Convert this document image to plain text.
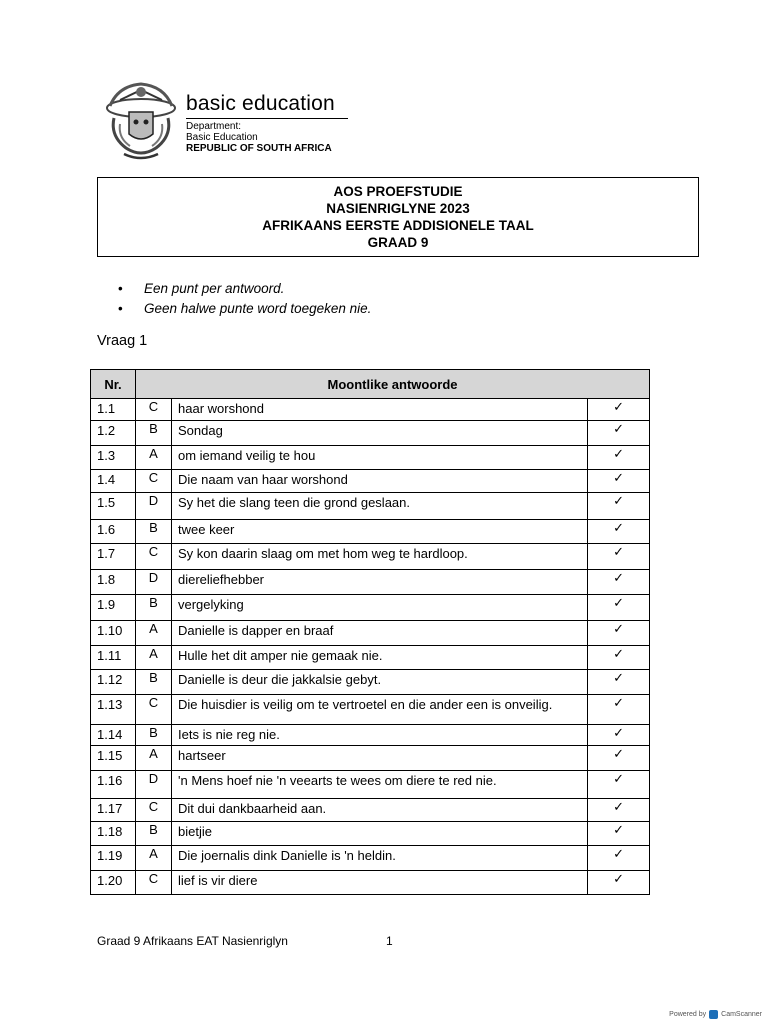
basic education
Department:
Basic Education
REPUBLIC OF SOUTH AFRICA
AOS PROEFSTUDIE
NASIENRIGLYNE 2023
AFRIKAANS EERSTE ADDISIONELE TAAL
GRAAD 9
•	Een punt per antwoord.
•	Geen halwe punte word toegeken nie.
Vraag 1
Nr.	Moontlike antwoorde		
1.1	C	haar worshond	✓
1.2	B	Sondag	✓
1.3	A	om iemand veilig te hou	✓
1.4	C	Die naam van haar worshond	✓
1.5	D	Sy het die slang teen die grond geslaan.	✓
1.6	B	twee keer	✓
1.7	C	Sy kon daarin slaag om met hom weg te hardloop.	✓
1.8	D	diereliefhebber	✓
1.9	B	vergelyking	✓
1.10	A	Danielle is dapper en braaf	✓
1.11	A	Hulle het dit amper nie gemaak nie.	✓
1.12	B	Danielle is deur die jakkalsie gebyt.	✓
1.13	C	Die huisdier is veilig om te vertroetel en die ander een is onveilig.	✓
1.14	B	Iets is nie reg nie.	✓
1.15	A	hartseer	✓
1.16	D	'n Mens hoef nie 'n veearts te wees om diere te red nie.	✓
1.17	C	Dit dui dankbaarheid aan.	✓
1.18	B	bietjie	✓
1.19	A	Die joernalis dink Danielle is 'n heldin.	✓
1.20	C	lief is vir diere	✓
Graad 9 Afrikaans EAT Nasienriglyn	1
Powered by CamScanner
